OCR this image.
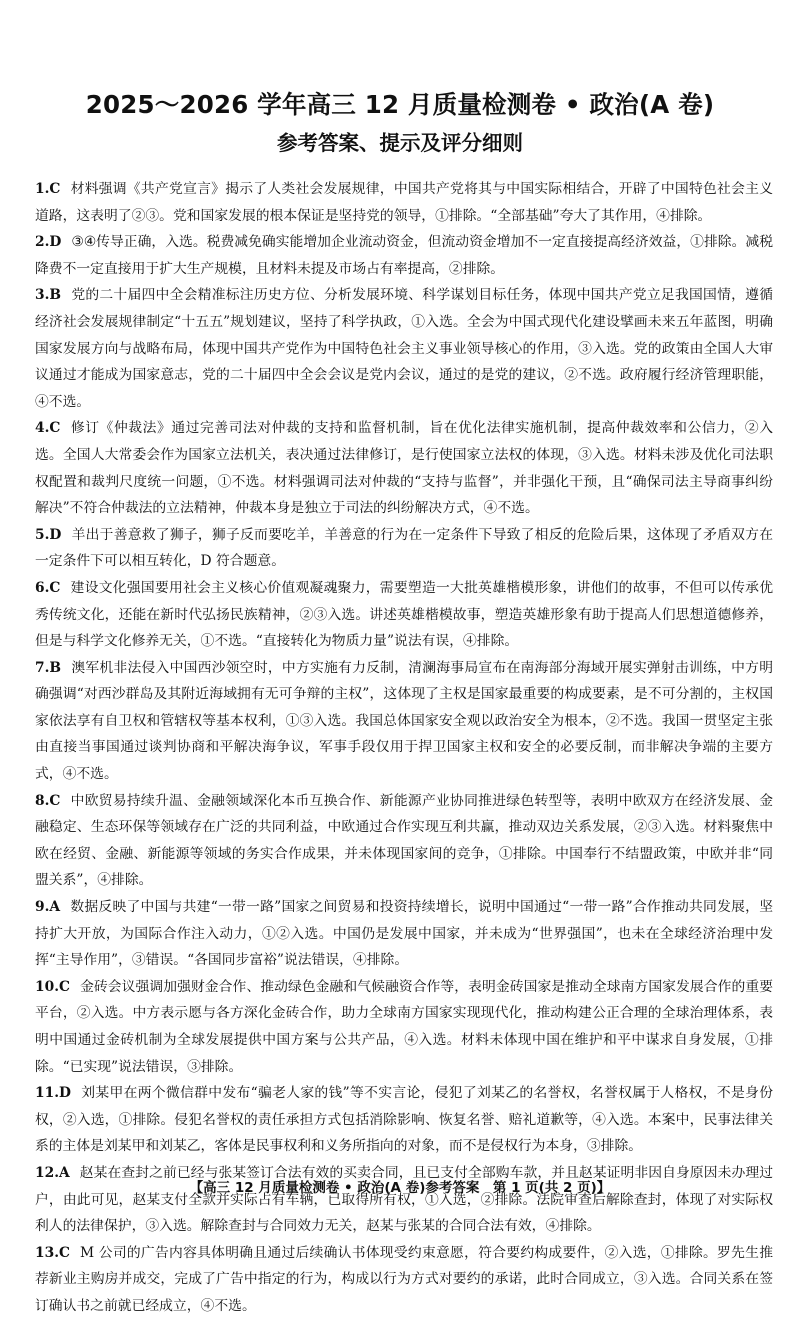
2025～2026 学年高三 12 月质量检测卷 • 政治(A 卷)
参考答案、提示及评分细则

1.C 材料强调《共产党宣言》揭示了人类社会发展规律，中国共产党将其与中国实际相结合，开辟了中国特色社会主义道路，这表明了②③。党和国家发展的根本保证是坚持党的领导，①排除。“全部基础”夸大了其作用，④排除。

2.D ③④传导正确，入选。税费减免确实能增加企业流动资金，但流动资金增加不一定直接提高经济效益，①排除。减税降费不一定直接用于扩大生产规模，且材料未提及市场占有率提高，②排除。

3.B 党的二十届四中全会精准标注历史方位、分析发展环境、科学谋划目标任务，体现中国共产党立足我国国情，遵循经济社会发展规律制定“十五五”规划建议，坚持了科学执政，①入选。全会为中国式现代化建设擘画未来五年蓝图，明确国家发展方向与战略布局，体现中国共产党作为中国特色社会主义事业领导核心的作用，③入选。党的政策由全国人大审议通过才能成为国家意志，党的二十届四中全会会议是党内会议，通过的是党的建议，②不选。政府履行经济管理职能，④不选。

4.C 修订《仲裁法》通过完善司法对仲裁的支持和监督机制，旨在优化法律实施机制，提高仲裁效率和公信力，②入选。全国人大常委会作为国家立法机关，表决通过法律修订，是行使国家立法权的体现，③入选。材料未涉及优化司法职权配置和裁判尺度统一问题，①不选。材料强调司法对仲裁的“支持与监督”，并非强化干预，且“确保司法主导商事纠纷解决”不符合仲裁法的立法精神，仲裁本身是独立于司法的纠纷解决方式，④不选。

5.D 羊出于善意救了狮子，狮子反而要吃羊，羊善意的行为在一定条件下导致了相反的危险后果，这体现了矛盾双方在一定条件下可以相互转化，D 符合题意。

6.C 建设文化强国要用社会主义核心价值观凝魂聚力，需要塑造一大批英雄楷模形象，讲他们的故事，不但可以传承优秀传统文化，还能在新时代弘扬民族精神，②③入选。讲述英雄楷模故事，塑造英雄形象有助于提高人们思想道德修养，但是与科学文化修养无关，①不选。“直接转化为物质力量”说法有误，④排除。

7.B 澳军机非法侵入中国西沙领空时，中方实施有力反制，清澜海事局宣布在南海部分海域开展实弹射击训练，中方明确强调“对西沙群岛及其附近海域拥有无可争辩的主权”，这体现了主权是国家最重要的构成要素，是不可分割的，主权国家依法享有自卫权和管辖权等基本权利，①③入选。我国总体国家安全观以政治安全为根本，②不选。我国一贯坚定主张由直接当事国通过谈判协商和平解决海争议，军事手段仅用于捍卫国家主权和安全的必要反制，而非解决争端的主要方式，④不选。

8.C 中欧贸易持续升温、金融领域深化本币互换合作、新能源产业协同推进绿色转型等，表明中欧双方在经济发展、金融稳定、生态环保等领域存在广泛的共同利益，中欧通过合作实现互利共赢，推动双边关系发展，②③入选。材料聚焦中欧在经贸、金融、新能源等领域的务实合作成果，并未体现国家间的竞争，①排除。中国奉行不结盟政策，中欧并非“同盟关系”，④排除。

9.A 数据反映了中国与共建“一带一路”国家之间贸易和投资持续增长，说明中国通过“一带一路”合作推动共同发展，坚持扩大开放，为国际合作注入动力，①②入选。中国仍是发展中国家，并未成为“世界强国”，也未在全球经济治理中发挥“主导作用”，③错误。“各国同步富裕”说法错误，④排除。

10.C 金砖会议强调加强财金合作、推动绿色金融和气候融资合作等，表明金砖国家是推动全球南方国家发展合作的重要平台，②入选。中方表示愿与各方深化金砖合作，助力全球南方国家实现现代化，推动构建公正合理的全球治理体系，表明中国通过金砖机制为全球发展提供中国方案与公共产品，④入选。材料未体现中国在维护和平中谋求自身发展，①排除。“已实现”说法错误，③排除。

11.D 刘某甲在两个微信群中发布“骗老人家的钱”等不实言论，侵犯了刘某乙的名誉权，名誉权属于人格权，不是身份权，②入选，①排除。侵犯名誉权的责任承担方式包括消除影响、恢复名誉、赔礼道歉等，④入选。本案中，民事法律关系的主体是刘某甲和刘某乙，客体是民事权利和义务所指向的对象，而不是侵权行为本身，③排除。

12.A 赵某在查封之前已经与张某签订合法有效的买卖合同，且已支付全部购车款，并且赵某证明非因自身原因未办理过户，由此可见，赵某支付全款并实际占有车辆，已取得所有权，①入选，②排除。法院审查后解除查封，体现了对实际权利人的法律保护，③入选。解除查封与合同效力无关，赵某与张某的合同合法有效，④排除。

13.C M 公司的广告内容具体明确且通过后续确认书体现受约束意愿，符合要约构成要件，②入选，①排除。罗先生推荐新业主购房并成交，完成了广告中指定的行为，构成以行为方式对要约的承诺，此时合同成立，③入选。合同关系在签订确认书之前就已经成立，④不选。

【高三 12 月质量检测卷 • 政治(A 卷)参考答案　第 1 页(共 2 页)】
